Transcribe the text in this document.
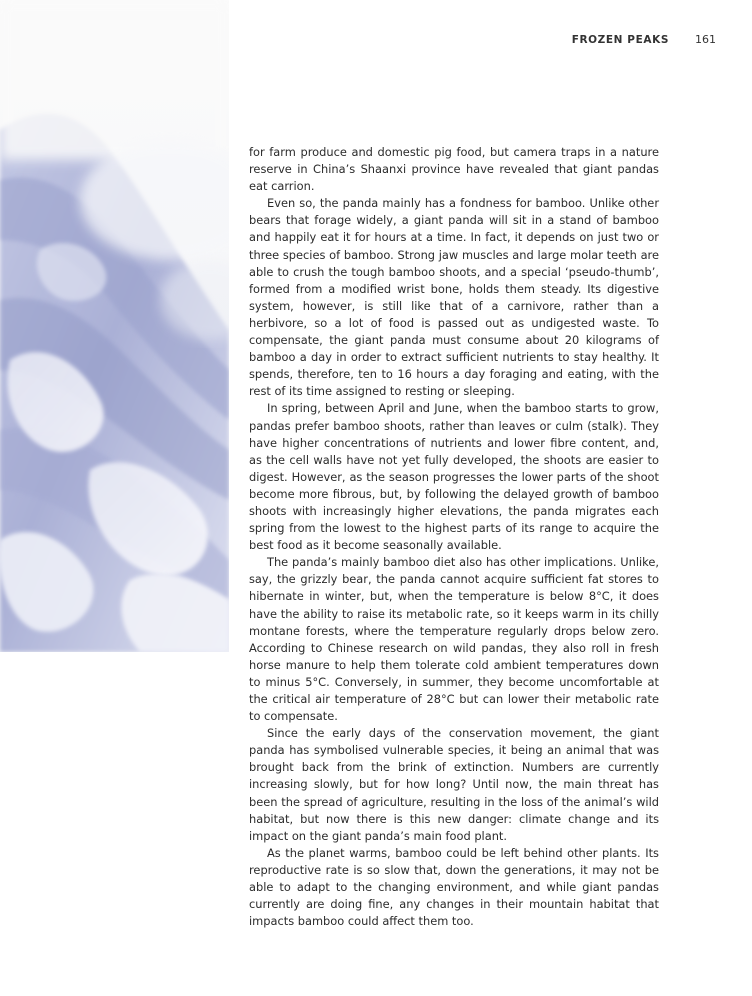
FROZEN PEAKS 161

for farm produce and domestic pig food, but camera traps in a nature reserve in China’s Shaanxi province have revealed that giant pandas eat carrion.

Even so, the panda mainly has a fondness for bamboo. Unlike other bears that forage widely, a giant panda will sit in a stand of bamboo and happily eat it for hours at a time. In fact, it depends on just two or three species of bamboo. Strong jaw muscles and large molar teeth are able to crush the tough bamboo shoots, and a special ‘pseudo-thumb’, formed from a modified wrist bone, holds them steady. Its digestive system, however, is still like that of a carnivore, rather than a herbivore, so a lot of food is passed out as undigested waste. To compensate, the giant panda must consume about 20 kilograms of bamboo a day in order to extract sufficient nutrients to stay healthy. It spends, therefore, ten to 16 hours a day foraging and eating, with the rest of its time assigned to resting or sleeping.

In spring, between April and June, when the bamboo starts to grow, pandas prefer bamboo shoots, rather than leaves or culm (stalk). They have higher concentrations of nutrients and lower fibre content, and, as the cell walls have not yet fully developed, the shoots are easier to digest. However, as the season progresses the lower parts of the shoot become more fibrous, but, by following the delayed growth of bamboo shoots with increasingly higher elevations, the panda migrates each spring from the lowest to the highest parts of its range to acquire the best food as it become seasonally available.

The panda’s mainly bamboo diet also has other implications. Unlike, say, the grizzly bear, the panda cannot acquire sufficient fat stores to hibernate in winter, but, when the temperature is below 8°C, it does have the ability to raise its metabolic rate, so it keeps warm in its chilly montane forests, where the temperature regularly drops below zero. According to Chinese research on wild pandas, they also roll in fresh horse manure to help them tolerate cold ambient temperatures down to minus 5°C. Conversely, in summer, they become uncomfortable at the critical air temperature of 28°C but can lower their metabolic rate to compensate.

Since the early days of the conservation movement, the giant panda has symbolised vulnerable species, it being an animal that was brought back from the brink of extinction. Numbers are currently increasing slowly, but for how long? Until now, the main threat has been the spread of agriculture, resulting in the loss of the animal’s wild habitat, but now there is this new danger: climate change and its impact on the giant panda’s main food plant.

As the planet warms, bamboo could be left behind other plants. Its reproductive rate is so slow that, down the generations, it may not be able to adapt to the changing environment, and while giant pandas currently are doing fine, any changes in their mountain habitat that impacts bamboo could affect them too.
